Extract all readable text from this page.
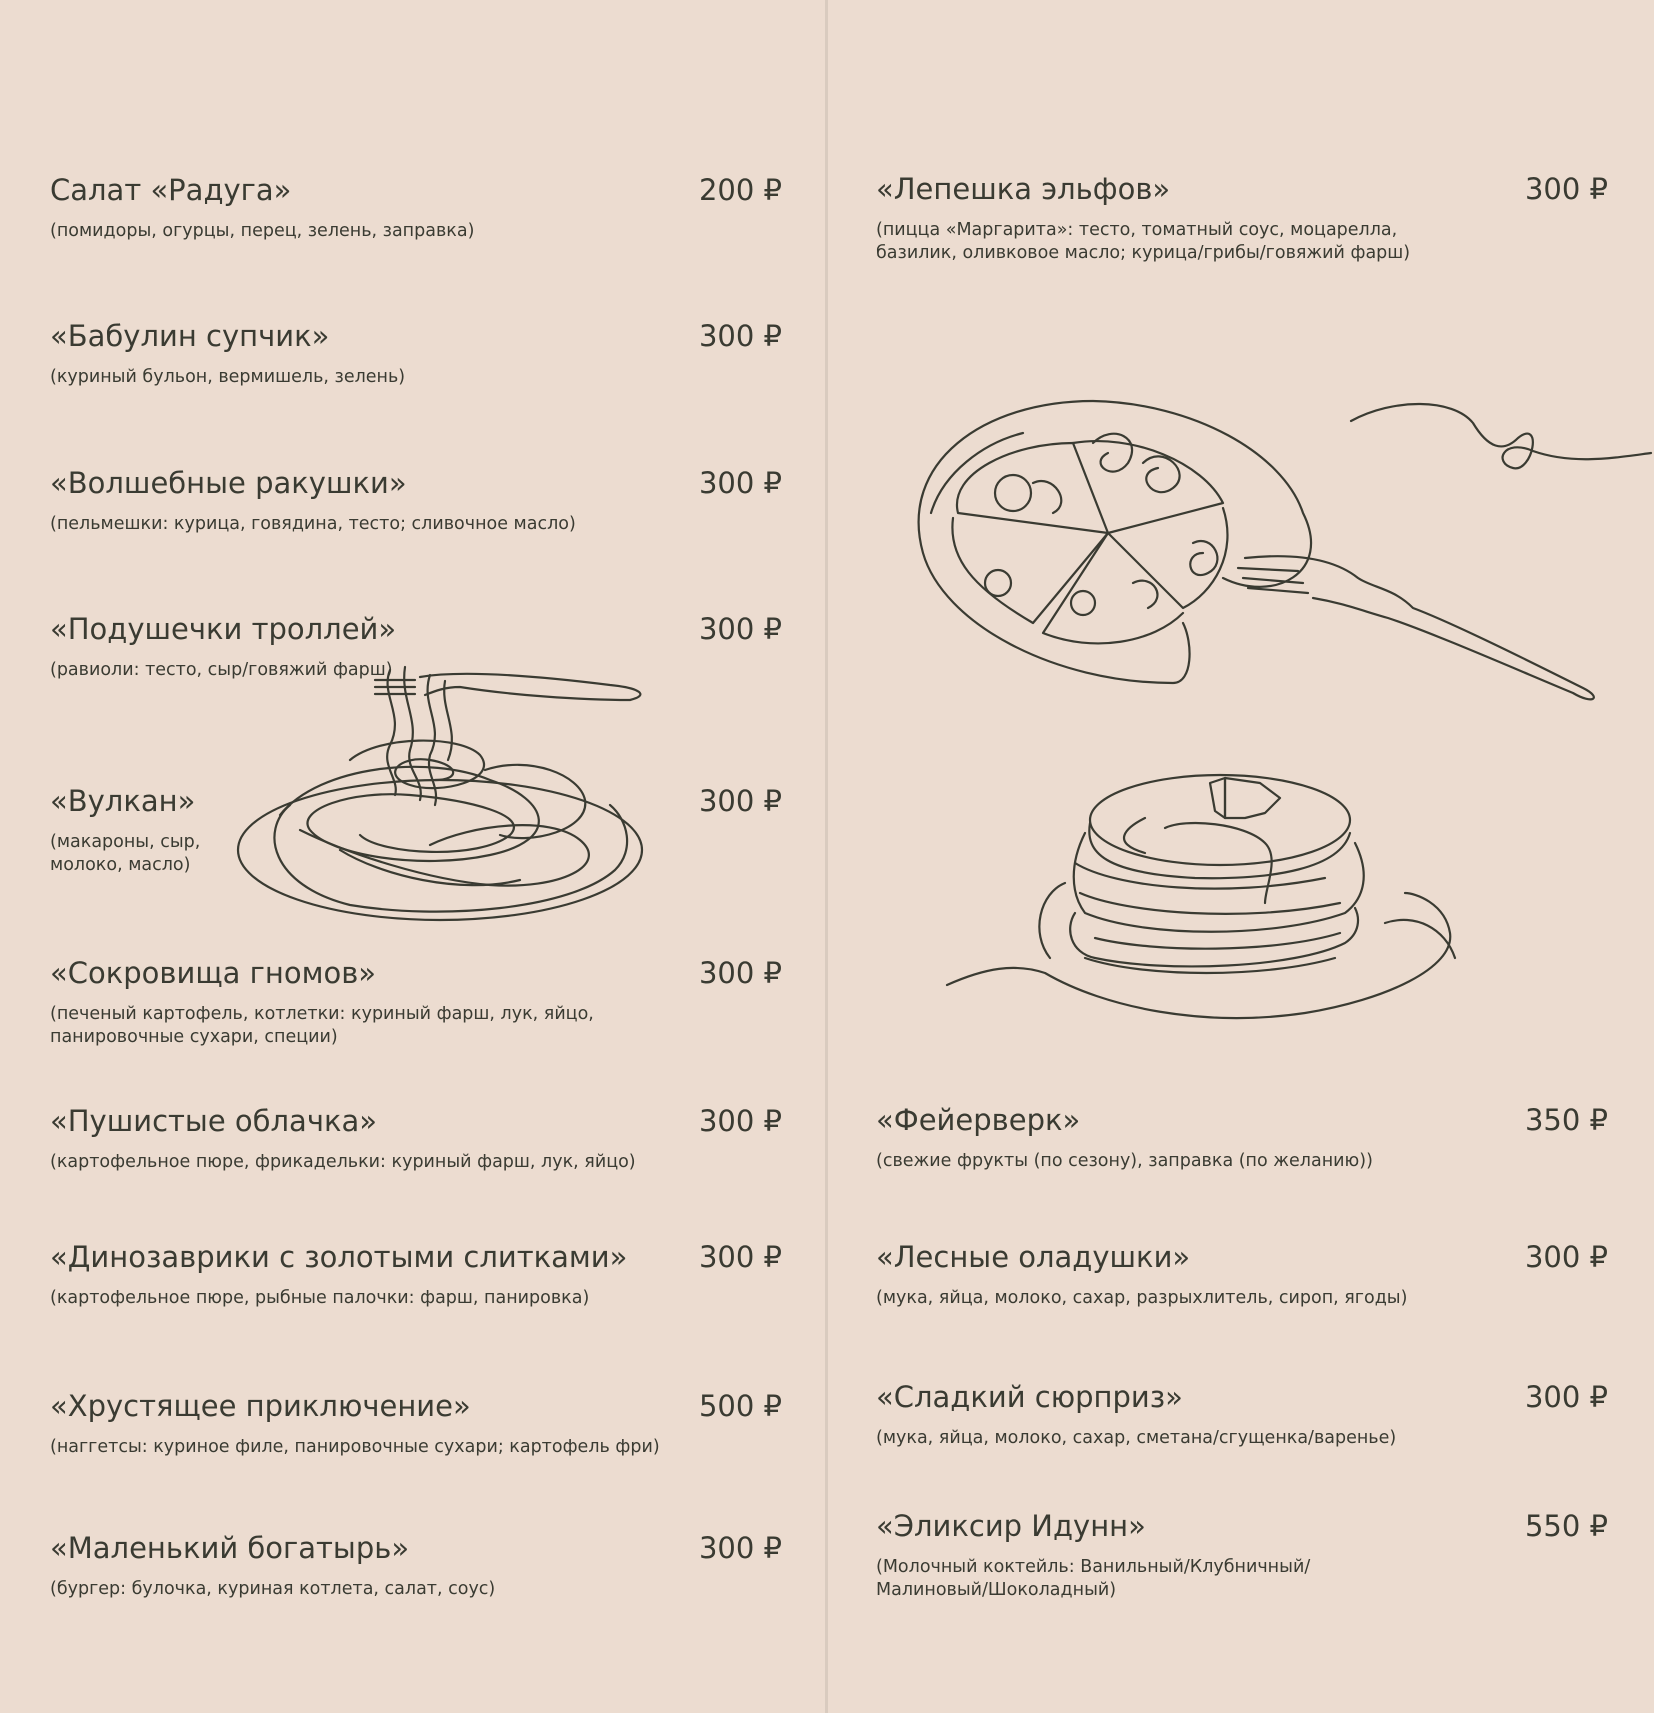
Салат «Радуга»	200 ₽
(помидоры, огурцы, перец, зелень, заправка)
«Бабулин супчик»	300 ₽
(куриный бульон, вермишель, зелень)
«Волшебные ракушки»	300 ₽
(пельмешки: курица, говядина, тесто; сливочное масло)
«Подушечки троллей»	300 ₽
(равиоли: тесто, сыр/говяжий фарш)
«Вулкан»	300 ₽
(макароны, сыр,
молоко, масло)
«Сокровища гномов»	300 ₽
(печеный картофель, котлетки: куриный фарш, лук, яйцо,
панировочные сухари, специи)
«Пушистые облачка»	300 ₽
(картофельное пюре, фрикадельки: куриный фарш, лук, яйцо)
«Динозаврики с золотыми слитками» 300 ₽
(картофельное пюре, рыбные палочки: фарш, панировка)
«Хрустящее приключение»	500 ₽
(наггетсы: куриное филе, панировочные сухари; картофель фри)
«Маленький богатырь»	300 ₽
(бургер: булочка, куриная котлета, салат, соус)
«Лепешка эльфов»	300 ₽
(пицца «Маргарита»: тесто, томатный соус, моцарелла,
базилик, оливковое масло; курица/грибы/говяжий фарш)
«Фейерверк»	350 ₽
(свежие фрукты (по сезону), заправка (по желанию))
«Лесные оладушки»	300 ₽
(мука, яйца, молоко, сахар, разрыхлитель, сироп, ягоды)
«Сладкий сюрприз»	300 ₽
(мука, яйца, молоко, сахар, сметана/сгущенка/варенье)
«Эликсир Идунн»	550 ₽
(Молочный коктейль: Ванильный/Клубничный/
Малиновый/Шоколадный)
